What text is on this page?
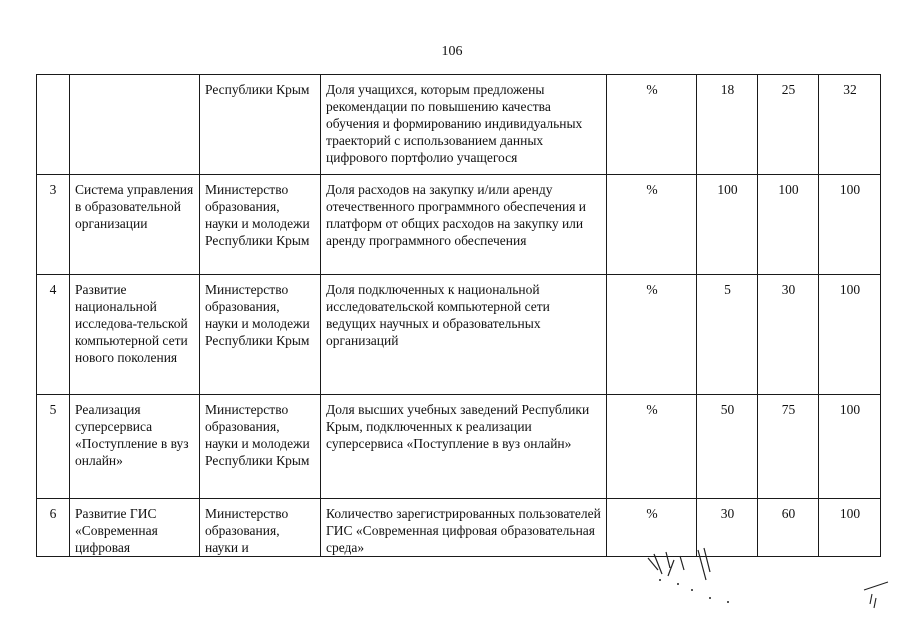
106
		Республики Крым	Доля учащихся, которым предложены рекомендации по повышению качества обучения и формированию индивидуальных траекторий с использованием данных цифрового портфолио учащегося	%	18	25	32
3	Система управления в образовательной организации	Министерство образования, науки и молодежи Республики Крым	Доля расходов на закупку и/или аренду отечественного программного обеспечения и платформ от общих расходов на закупку или аренду программного обеспечения	%	100	100	100
4	Развитие национальной исследова-тельской компьютерной сети нового поколения	Министерство образования, науки и молодежи Республики Крым	Доля подключенных к национальной исследовательской компьютерной сети ведущих научных и образовательных организаций	%	5	30	100
5	Реализация суперсервиса «Поступление в вуз онлайн»	Министерство образования, науки и молодежи Республики Крым	Доля высших учебных заведений Республики Крым, подключенных к реализации суперсервиса «Поступление в вуз онлайн»	%	50	75	100
6	Развитие ГИС «Современная цифровая	Министерство образования, науки и	Количество зарегистрированных пользователей ГИС «Современная цифровая образовательная среда»	%	30	60	100
